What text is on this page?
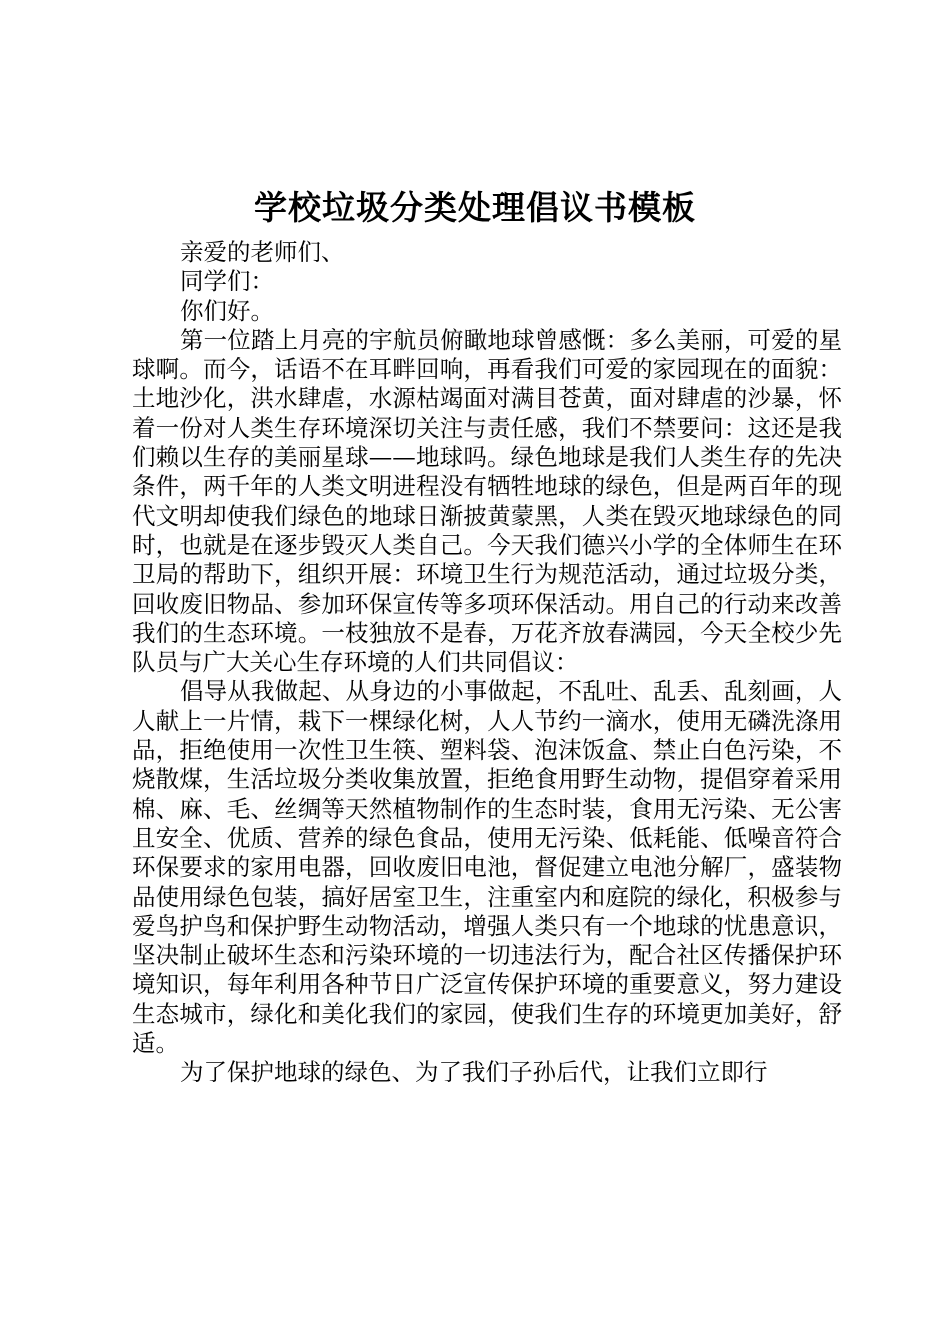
学校垃圾分类处理倡议书模板

亲爱的老师们、

同学们：

你们好。

第一位踏上月亮的宇航员俯瞰地球曾感慨：多么美丽，可爱的星球啊。而今，话语不在耳畔回响，再看我们可爱的家园现在的面貌：土地沙化，洪水肆虐，水源枯竭面对满目苍黄，面对肆虐的沙暴，怀着一份对人类生存环境深切关注与责任感，我们不禁要问：这还是我们赖以生存的美丽星球——地球吗。绿色地球是我们人类生存的先决条件，两千年的人类文明进程没有牺牲地球的绿色，但是两百年的现代文明却使我们绿色的地球日渐披黄蒙黑，人类在毁灭地球绿色的同时，也就是在逐步毁灭人类自己。今天我们德兴小学的全体师生在环卫局的帮助下，组织开展：环境卫生行为规范活动，通过垃圾分类，回收废旧物品、参加环保宣传等多项环保活动。用自己的行动来改善我们的生态环境。一枝独放不是春，万花齐放春满园，今天全校少先队员与广大关心生存环境的人们共同倡议：

倡导从我做起、从身边的小事做起，不乱吐、乱丢、乱刻画，人人献上一片情，栽下一棵绿化树，人人节约一滴水，使用无磷洗涤用品，拒绝使用一次性卫生筷、塑料袋、泡沫饭盒、禁止白色污染，不烧散煤，生活垃圾分类收集放置，拒绝食用野生动物，提倡穿着采用棉、麻、毛、丝绸等天然植物制作的生态时装，食用无污染、无公害且安全、优质、营养的绿色食品，使用无污染、低耗能、低噪音符合环保要求的家用电器，回收废旧电池，督促建立电池分解厂，盛装物品使用绿色包装，搞好居室卫生，注重室内和庭院的绿化，积极参与爱鸟护鸟和保护野生动物活动，增强人类只有一个地球的忧患意识，坚决制止破坏生态和污染环境的一切违法行为，配合社区传播保护环境知识，每年利用各种节日广泛宣传保护环境的重要意义，努力建设生态城市，绿化和美化我们的家园，使我们生存的环境更加美好，舒适。

为了保护地球的绿色、为了我们子孙后代，让我们立即行
